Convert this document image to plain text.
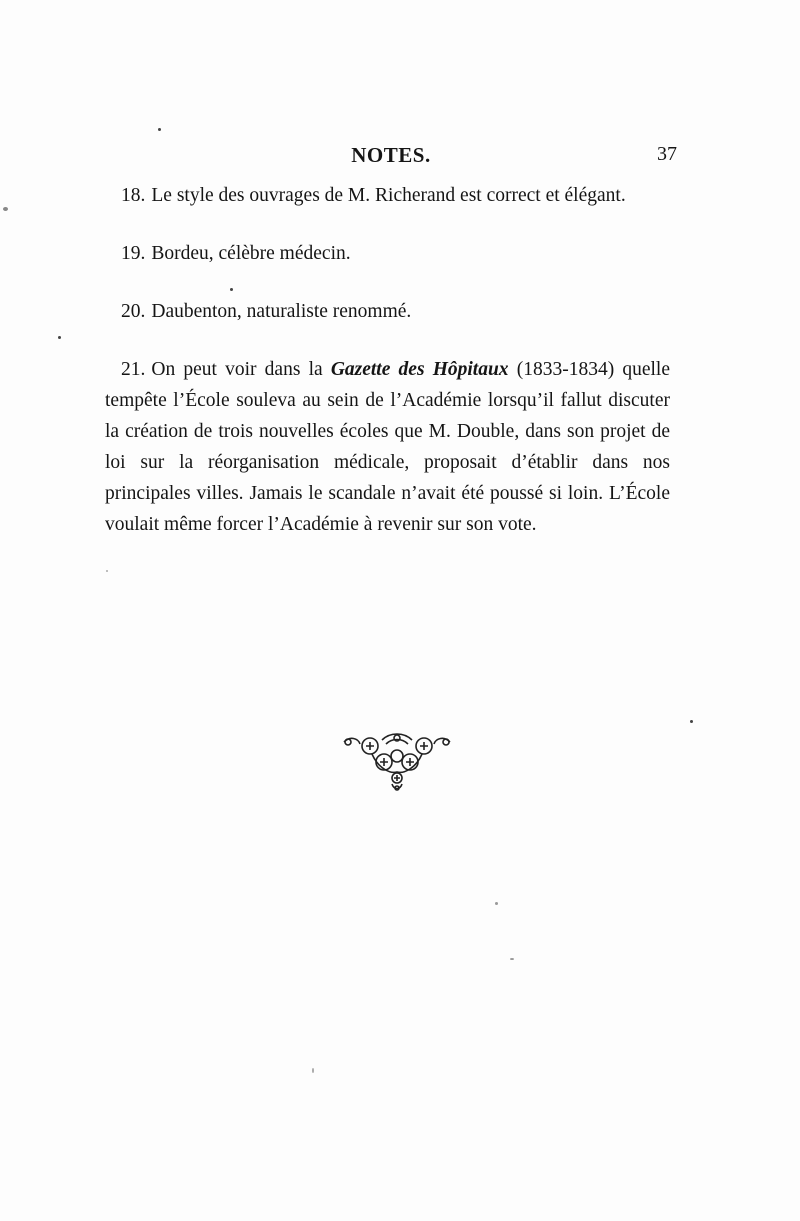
NOTES.	37

18. Le style des ouvrages de M. Richerand est correct et élégant.

19. Bordeu, célèbre médecin.

20. Daubenton, naturaliste renommé.

21. On peut voir dans la Gazette des Hôpitaux (1833-1834) quelle tempête l’École souleva au sein de l’Académie lorsqu’il fallut discuter la création de trois nouvelles écoles que M. Double, dans son projet de loi sur la réorganisation médicale, proposait d’établir dans nos principales villes. Jamais le scandale n’avait été poussé si loin. L’École voulait même forcer l’Académie à revenir sur son vote.
